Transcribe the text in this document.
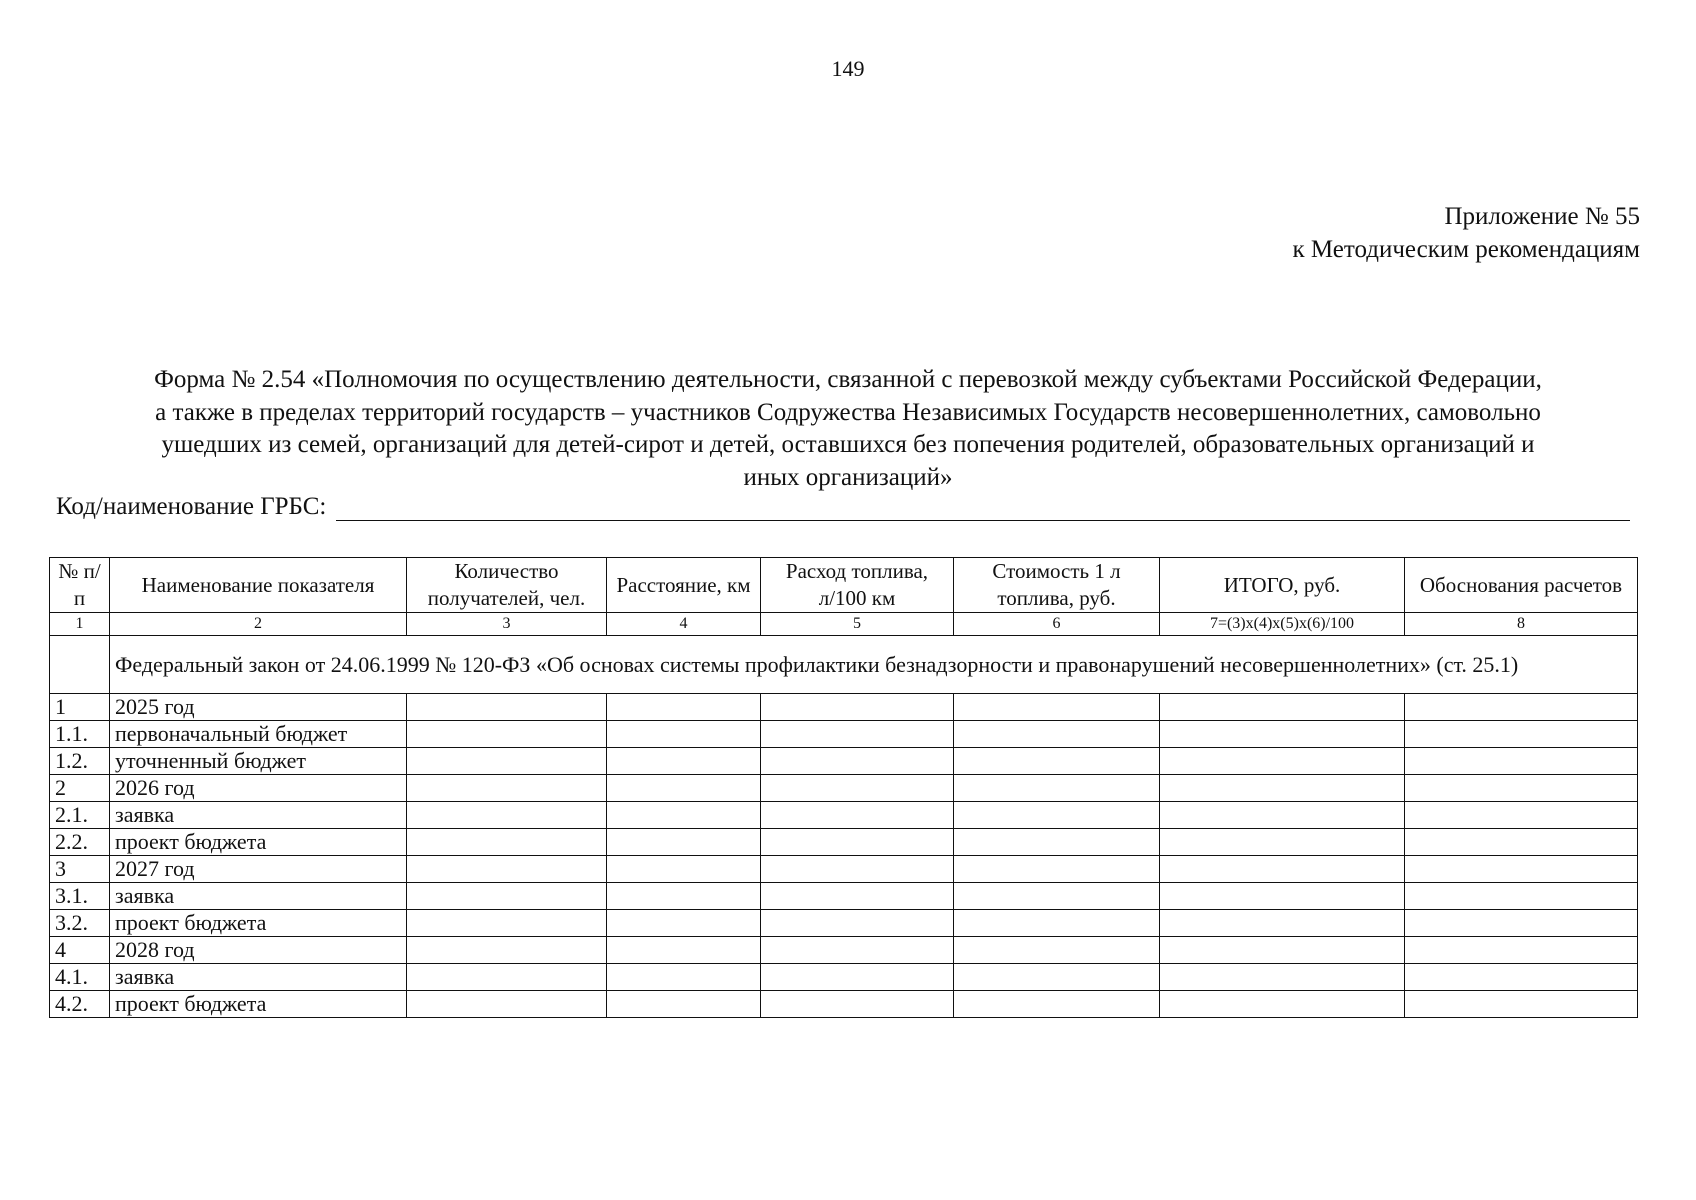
149
Приложение № 55
к Методическим рекомендациям
Форма № 2.54 «Полномочия по осуществлению деятельности, связанной с перевозкой между субъектами Российской Федерации,
а также в пределах территорий государств – участников Содружества Независимых Государств несовершеннолетних, самовольно
ушедших из семей, организаций для детей-сирот и детей, оставшихся без попечения родителей, образовательных организаций и
иных организаций»
Код/наименование ГРБС:
№ п/п	Наименование показателя	Количество получателей, чел.	Расстояние, км	Расход топлива, л/100 км	Стоимость 1 л топлива, руб.	ИТОГО, руб.	Обоснования расчетов
1	2	3	4	5	6	7=(3)x(4)x(5)x(6)/100	8
	Федеральный закон от 24.06.1999 № 120-ФЗ «Об основах системы профилактики безнадзорности и правонарушений несовершеннолетних» (ст. 25.1)						
1	2025 год						
1.1.	первоначальный бюджет						
1.2.	уточненный бюджет						
2	2026 год						
2.1.	заявка						
2.2.	проект бюджета						
3	2027 год						
3.1.	заявка						
3.2.	проект бюджета						
4	2028 год						
4.1.	заявка						
4.2.	проект бюджета						
